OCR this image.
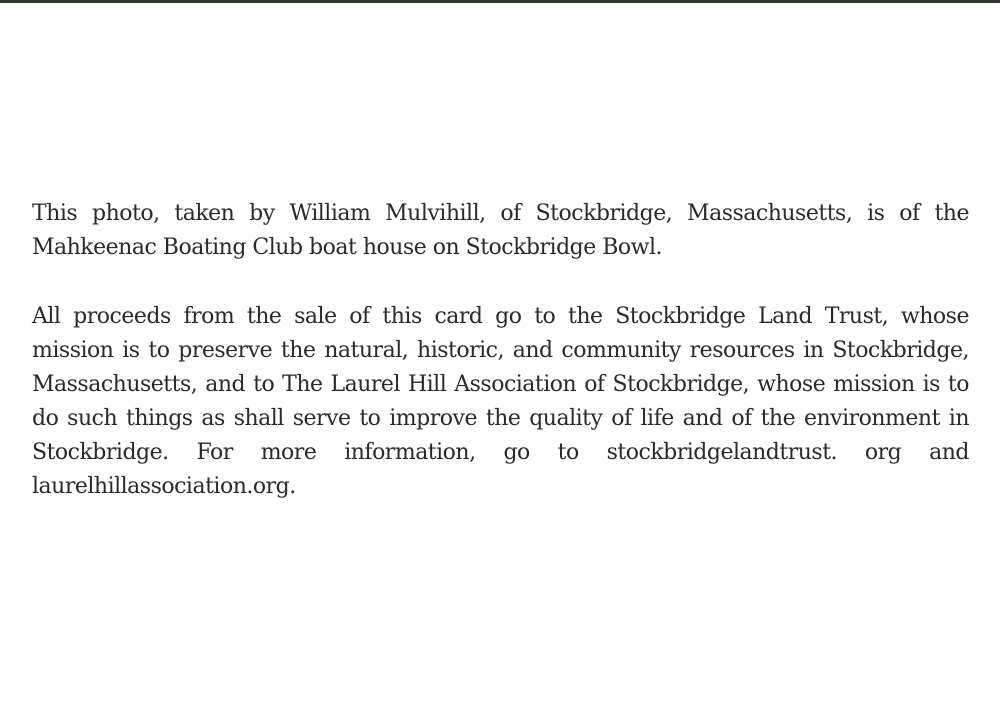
This photo, taken by William Mulvihill, of Stockbridge, Massachusetts, is of the Mahkeenac Boating Club boat house on Stockbridge Bowl.

All proceeds from the sale of this card go to the Stockbridge Land Trust, whose mission is to preserve the natural, historic, and community resources in Stockbridge, Massachusetts, and to The Laurel Hill Association of Stockbridge, whose mission is to do such things as shall serve to improve the quality of life and of the environment in Stockbridge. For more information, go to stockbridgelandtrust. org and laurelhillassociation.org.
